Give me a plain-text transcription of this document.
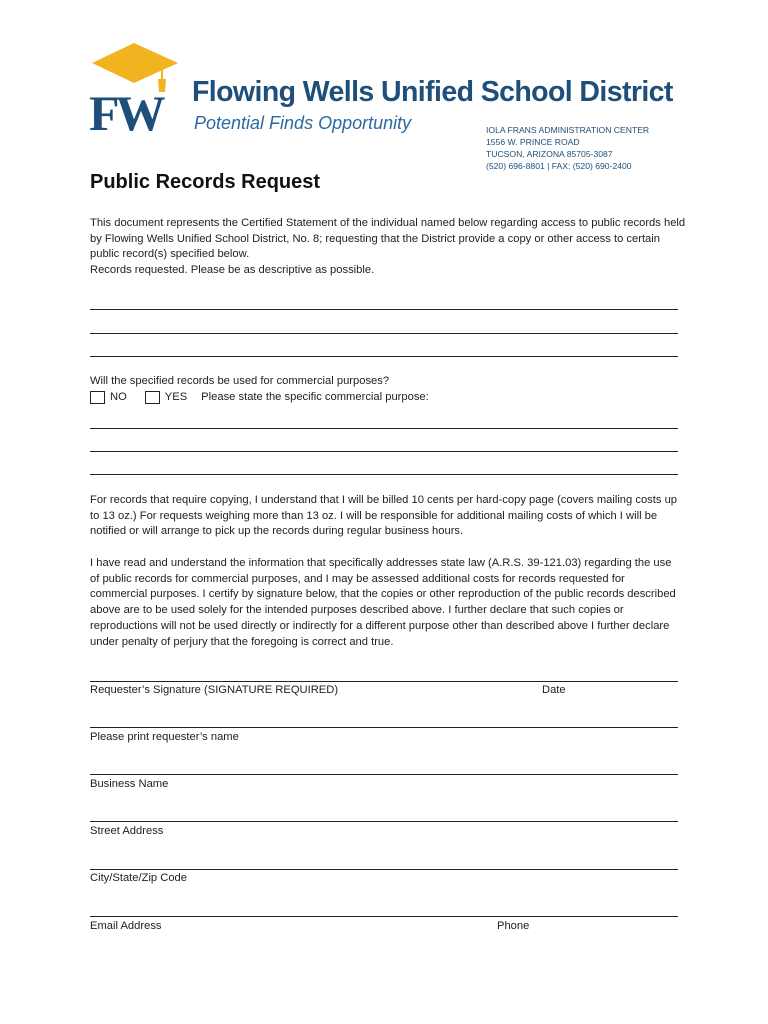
FW Flowing Wells Unified School District
Potential Finds Opportunity	IOLA FRANS ADMINISTRATION CENTER
1556 W. PRINCE ROAD
TUCSON, ARIZONA 85705-3087
(520) 696-8801 | FAX: (520) 690-2400
Public Records Request

This document represents the Certified Statement of the individual named below regarding access to public records held by Flowing Wells Unified School District, No. 8; requesting that the District provide a copy or other access to certain public record(s) specified below.

Records requested. Please be as descriptive as possible.

Will the specified records be used for commercial purposes?
NO	YES Please state the specific commercial purpose:

For records that require copying, I understand that I will be billed 10 cents per hard-copy page (covers mailing costs up to 13 oz.) For requests weighing more than 13 oz. I will be responsible for additional mailing costs of which I will be notified or will arrange to pick up the records during regular business hours.

I have read and understand the information that specifically addresses state law (A.R.S. 39-121.03) regarding the use of public records for commercial purposes, and I may be assessed additional costs for records requested for commercial purposes. I certify by signature below, that the copies or other reproduction of the public records described above are to be used solely for the intended purposes described above. I further declare that such copies or reproductions will not be used directly or indirectly for a different purpose other than described above I further declare under penalty of perjury that the foregoing is correct and true.

Requester’s Signature (SIGNATURE REQUIRED)	Date
Please print requester’s name
Business Name
Street Address
City/State/Zip Code
Email Address	Phone
